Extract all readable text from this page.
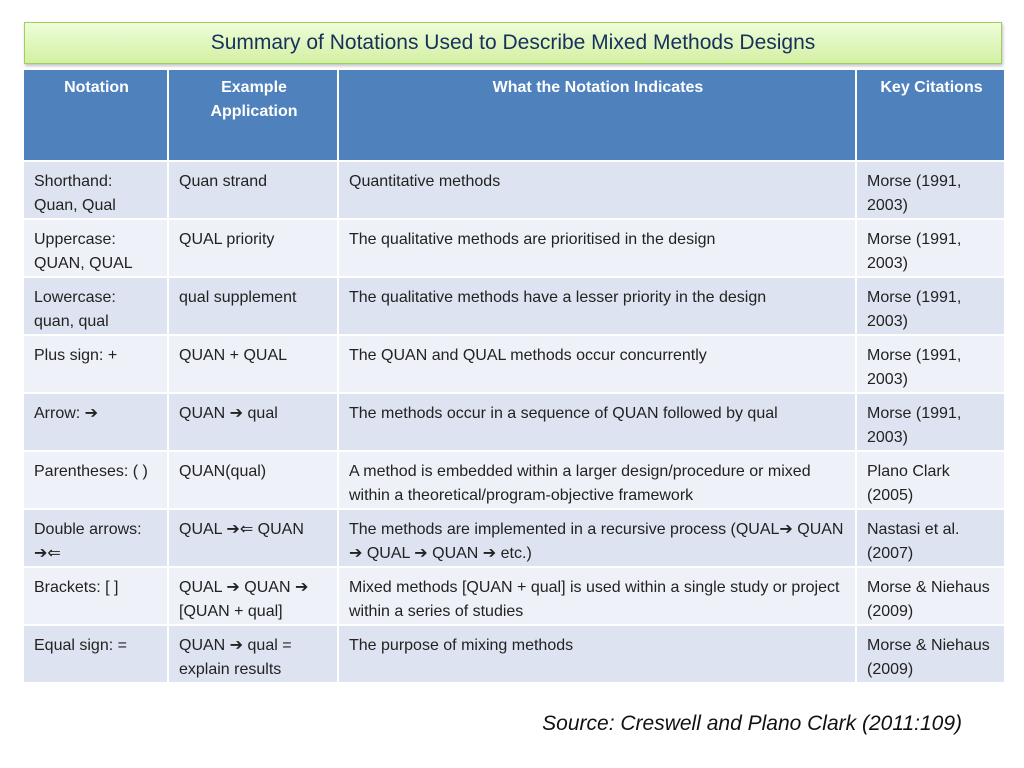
Summary of Notations Used to Describe Mixed Methods Designs
Notation	Example Application	What the Notation Indicates	Key Citations
Shorthand: Quan, Qual	Quan strand	Quantitative methods	Morse (1991, 2003)
Uppercase: QUAN, QUAL	QUAL priority	The qualitative methods are prioritised in the design	Morse (1991, 2003)
Lowercase: quan, qual	qual supplement	The qualitative methods have a lesser priority in the design	Morse (1991, 2003)
Plus sign: +	QUAN + QUAL	The QUAN and QUAL methods occur concurrently	Morse (1991, 2003)
Arrow: ➔	QUAN ➔ qual	The methods occur in a sequence of QUAN followed by qual	Morse (1991, 2003)
Parentheses: ( )	QUAN(qual)	A method is embedded within a larger design/procedure or mixed within a theoretical/program-objective framework	Plano Clark (2005)
Double arrows: ➔⇐	QUAL ➔⇐ QUAN	The methods are implemented in a recursive process (QUAL➔ QUAN ➔ QUAL ➔ QUAN ➔ etc.)	Nastasi et al. (2007)
Brackets: [ ]	QUAL ➔ QUAN ➔ [QUAN + qual]	Mixed methods [QUAN + qual] is used within a single study or project within a series of studies	Morse & Niehaus (2009)
Equal sign: =	QUAN ➔ qual = explain results	The purpose of mixing methods	Morse & Niehaus (2009)
Source: Creswell and Plano Clark (2011:109)
